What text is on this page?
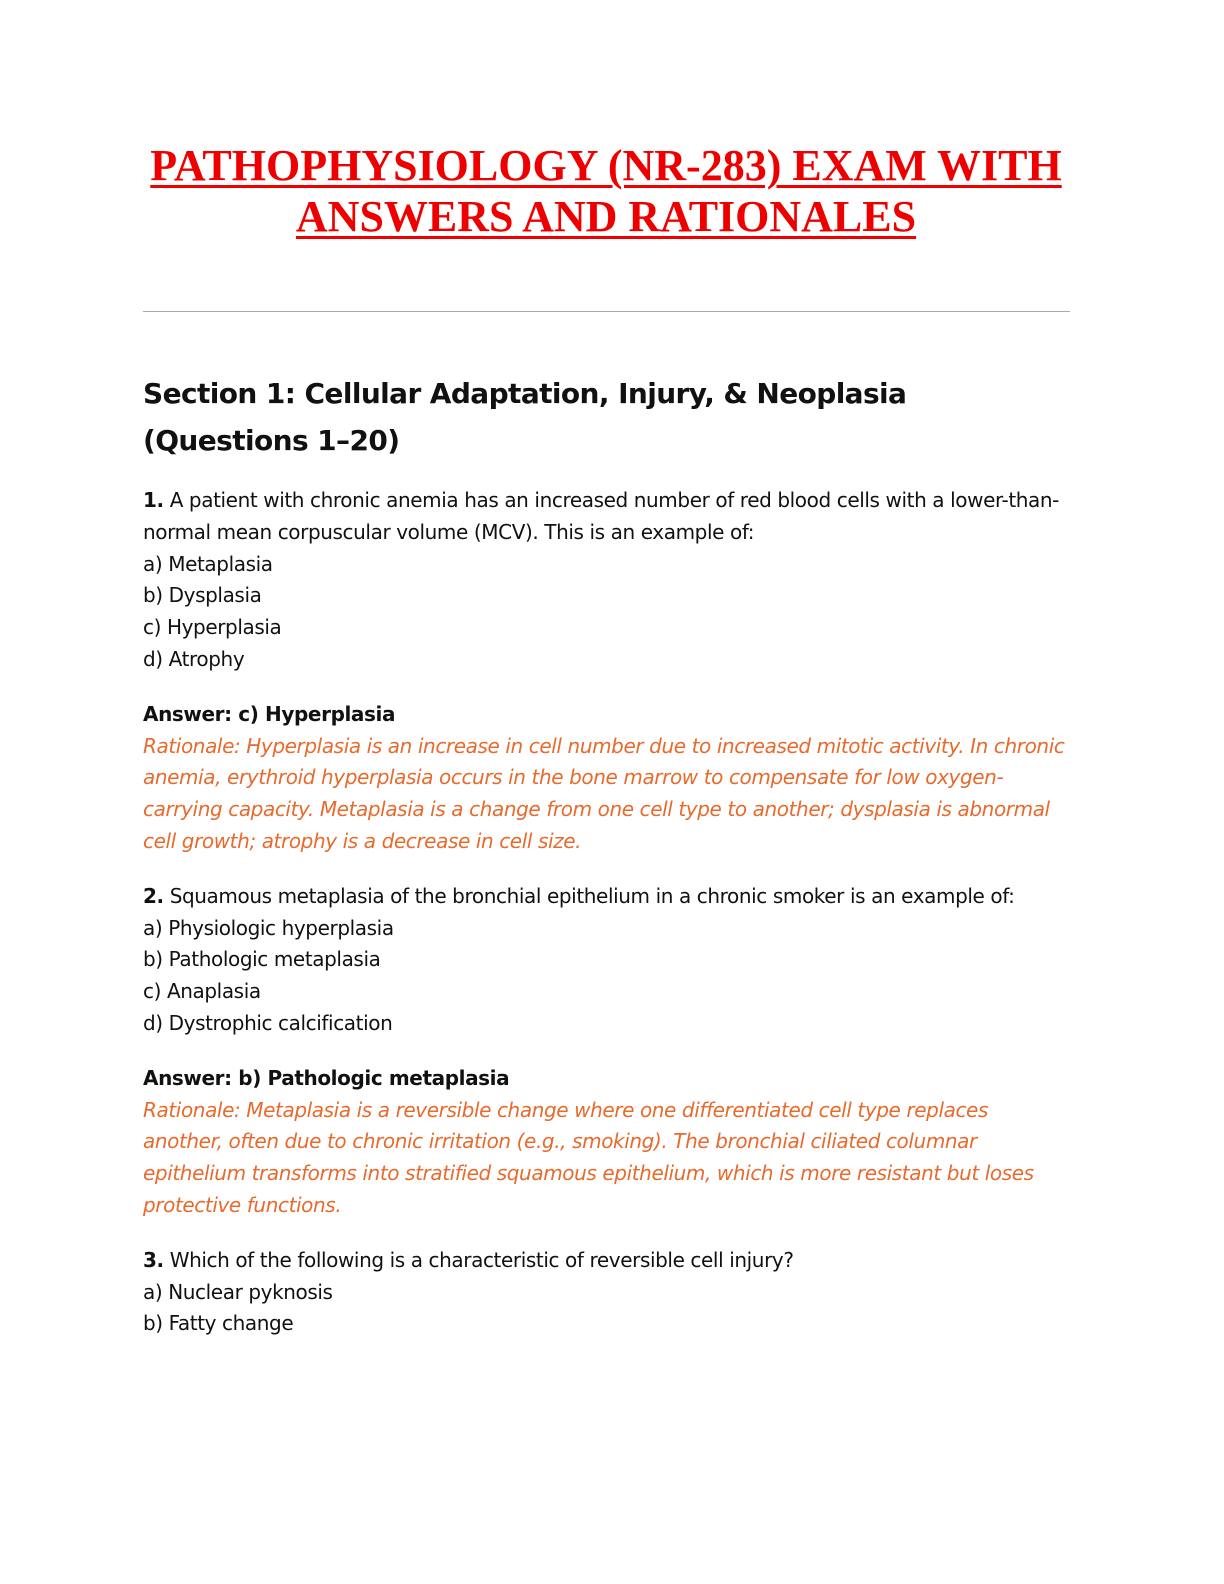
PATHOPHYSIOLOGY (NR-283) EXAM WITH
ANSWERS AND RATIONALES
Section 1: Cellular Adaptation, Injury, & Neoplasia
(Questions 1–20)
1. A patient with chronic anemia has an increased number of red blood cells with a lower-than-normal mean corpuscular volume (MCV). This is an example of:
a) Metaplasia
b) Dysplasia
c) Hyperplasia
d) Atrophy
Answer: c) Hyperplasia
Rationale: Hyperplasia is an increase in cell number due to increased mitotic activity. In chronic anemia, erythroid hyperplasia occurs in the bone marrow to compensate for low oxygen-carrying capacity. Metaplasia is a change from one cell type to another; dysplasia is abnormal cell growth; atrophy is a decrease in cell size.
2. Squamous metaplasia of the bronchial epithelium in a chronic smoker is an example of:
a) Physiologic hyperplasia
b) Pathologic metaplasia
c) Anaplasia
d) Dystrophic calcification
Answer: b) Pathologic metaplasia
Rationale: Metaplasia is a reversible change where one differentiated cell type replaces another, often due to chronic irritation (e.g., smoking). The bronchial ciliated columnar epithelium transforms into stratified squamous epithelium, which is more resistant but loses protective functions.
3. Which of the following is a characteristic of reversible cell injury?
a) Nuclear pyknosis
b) Fatty change
